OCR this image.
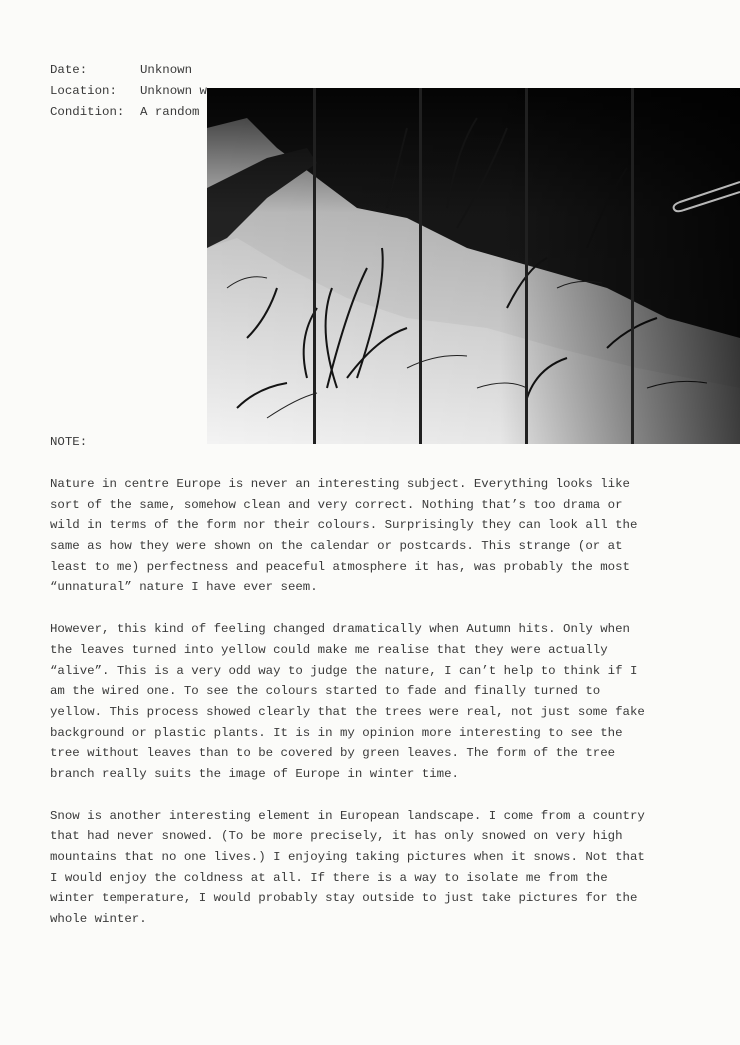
Date:	Unknown
Location: Unknown w
Condition: A random
NOTE:
Nature in centre Europe is never an interesting subject. Everything looks like
sort of the same, somehow clean and very correct. Nothing that’s too drama or
wild in terms of the form nor their colours. Surprisingly they can look all the
same as how they were shown on the calendar or postcards. This strange (or at
least to me) perfectness and peaceful atmosphere it has, was probably the most
“unnatural” nature I have ever seem.
However, this kind of feeling changed dramatically when Autumn hits. Only when
the leaves turned into yellow could make me realise that they were actually
“alive”. This is a very odd way to judge the nature, I can’t help to think if I
am the wired one. To see the colours started to fade and finally turned to
yellow. This process showed clearly that the trees were real, not just some fake
background or plastic plants. It is in my opinion more interesting to see the
tree without leaves than to be covered by green leaves. The form of the tree
branch really suits the image of Europe in winter time.
Snow is another interesting element in European landscape. I come from a country
that had never snowed. (To be more precisely, it has only snowed on very high
mountains that no one lives.) I enjoying taking pictures when it snows. Not that
I would enjoy the coldness at all. If there is a way to isolate me from the
winter temperature, I would probably stay outside to just take pictures for the
whole winter.
